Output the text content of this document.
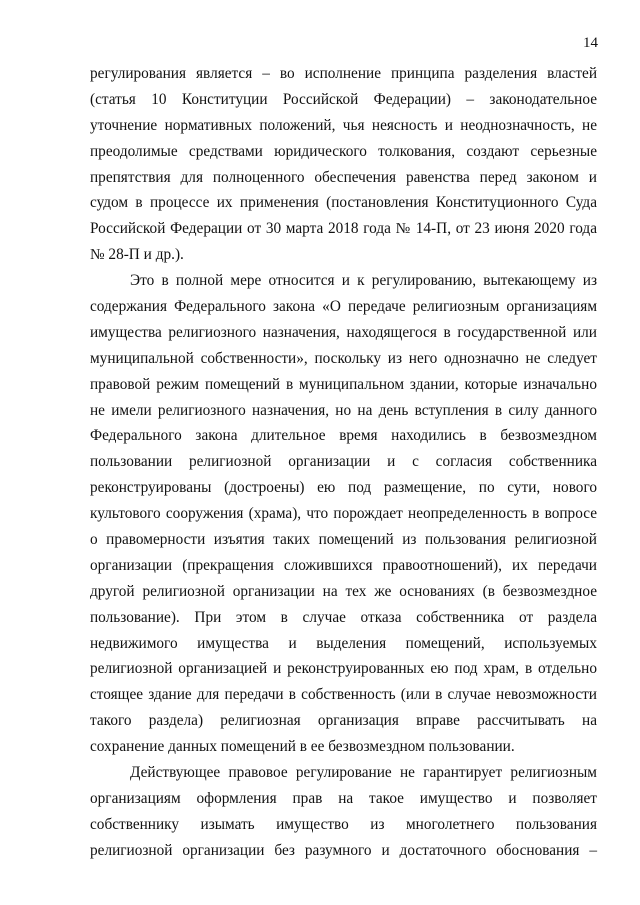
14
регулирования является – во исполнение принципа разделения властей
(статья 10 Конституции Российской Федерации) – законодательное
уточнение нормативных положений, чья неясность и неоднозначность, не
преодолимые средствами юридического толкования, создают серьезные
препятствия для полноценного обеспечения равенства перед законом и
судом в процессе их применения (постановления Конституционного Суда
Российской Федерации от 30 марта 2018 года № 14-П, от 23 июня 2020 года
№ 28-П и др.).
Это в полной мере относится и к регулированию, вытекающему из
содержания Федерального закона «О передаче религиозным организациям
имущества религиозного назначения, находящегося в государственной или
муниципальной собственности», поскольку из него однозначно не следует
правовой режим помещений в муниципальном здании, которые изначально
не имели религиозного назначения, но на день вступления в силу данного
Федерального закона длительное время находились в безвозмездном
пользовании религиозной организации и с согласия собственника
реконструированы (достроены) ею под размещение, по сути, нового
культового сооружения (храма), что порождает неопределенность в вопросе
о правомерности изъятия таких помещений из пользования религиозной
организации (прекращения сложившихся правоотношений), их передачи
другой религиозной организации на тех же основаниях (в безвозмездное
пользование). При этом в случае отказа собственника от раздела
недвижимого имущества и выделения помещений, используемых
религиозной организацией и реконструированных ею под храм, в отдельно
стоящее здание для передачи в собственность (или в случае невозможности
такого раздела) религиозная организация вправе рассчитывать на
сохранение данных помещений в ее безвозмездном пользовании.
Действующее правовое регулирование не гарантирует религиозным
организациям оформления прав на такое имущество и позволяет
собственнику изымать имущество из многолетнего пользования
религиозной организации без разумного и достаточного обоснования –
